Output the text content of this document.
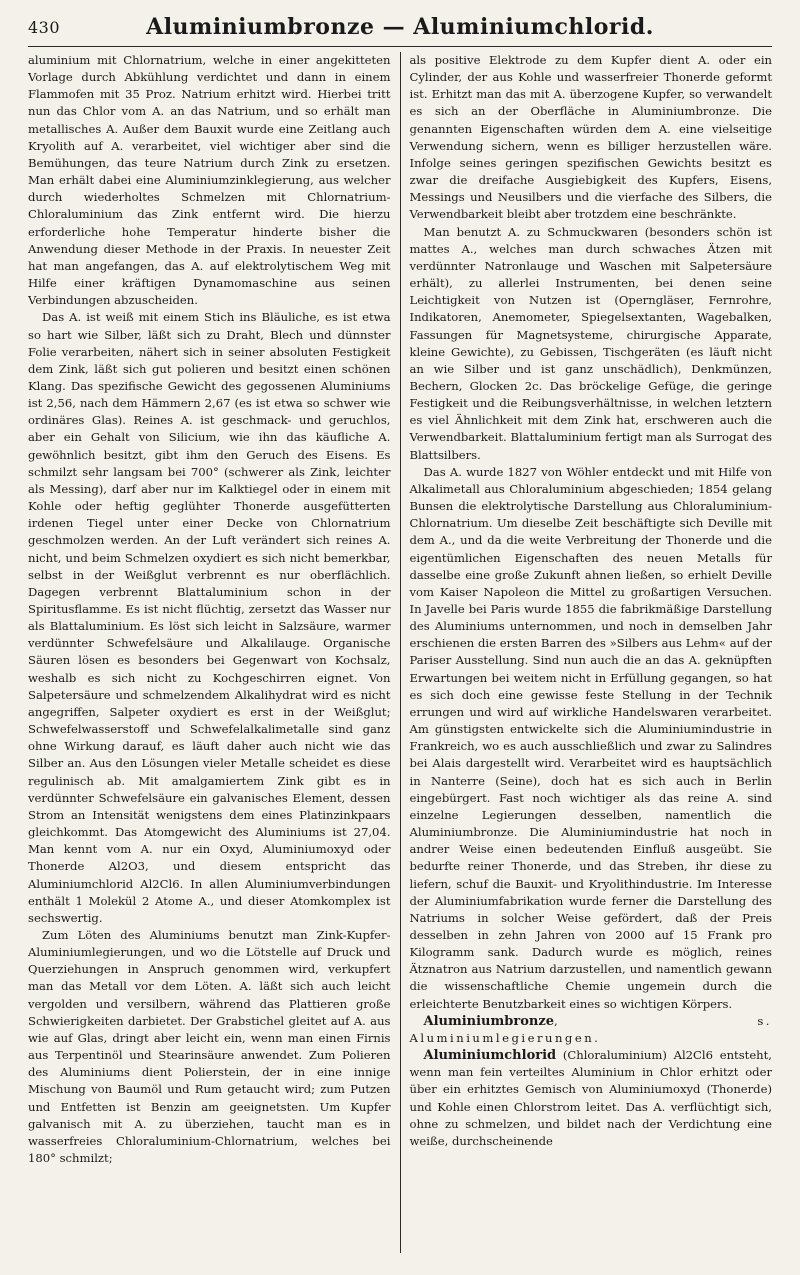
430	Aluminiumbronze — Aluminiumchlorid.

aluminium mit Chlornatrium, welche in einer angekitteten Vorlage durch Abkühlung verdichtet und dann in einem Flammofen mit 35 Proz. Natrium erhitzt wird. Hierbei tritt nun das Chlor vom A. an das Natrium, und so erhält man metallisches A. Außer dem Bauxit wurde eine Zeitlang auch Kryolith auf A. verarbeitet, viel wichtiger aber sind die Bemühungen, das teure Natrium durch Zink zu ersetzen. Man erhält dabei eine Aluminiumzinklegierung, aus welcher durch wiederholtes Schmelzen mit Chlornatrium-Chloraluminium das Zink entfernt wird. Die hierzu erforderliche hohe Temperatur hinderte bisher die Anwendung dieser Methode in der Praxis. In neuester Zeit hat man angefangen, das A. auf elektrolytischem Weg mit Hilfe einer kräftigen Dynamomaschine aus seinen Verbindungen abzuscheiden.

Das A. ist weiß mit einem Stich ins Bläuliche, es ist etwa so hart wie Silber, läßt sich zu Draht, Blech und dünnster Folie verarbeiten, nähert sich in seiner absoluten Festigkeit dem Zink, läßt sich gut polieren und besitzt einen schönen Klang. Das spezifische Gewicht des gegossenen Aluminiums ist 2,56, nach dem Hämmern 2,67 (es ist etwa so schwer wie ordinäres Glas). Reines A. ist geschmack- und geruchlos, aber ein Gehalt von Silicium, wie ihn das käufliche A. gewöhnlich besitzt, gibt ihm den Geruch des Eisens. Es schmilzt sehr langsam bei 700° (schwerer als Zink, leichter als Messing), darf aber nur im Kalktiegel oder in einem mit Kohle oder heftig geglühter Thonerde ausgefütterten irdenen Tiegel unter einer Decke von Chlornatrium geschmolzen werden. An der Luft verändert sich reines A. nicht, und beim Schmelzen oxydiert es sich nicht bemerkbar, selbst in der Weißglut verbrennt es nur oberflächlich. Dagegen verbrennt Blattaluminium schon in der Spiritusflamme. Es ist nicht flüchtig, zersetzt das Wasser nur als Blattaluminium. Es löst sich leicht in Salzsäure, warmer verdünnter Schwefelsäure und Alkalilauge. Organische Säuren lösen es besonders bei Gegenwart von Kochsalz, weshalb es sich nicht zu Kochgeschirren eignet. Von Salpetersäure und schmelzendem Alkalihydrat wird es nicht angegriffen, Salpeter oxydiert es erst in der Weißglut; Schwefelwasserstoff und Schwefelalkalimetalle sind ganz ohne Wirkung darauf, es läuft daher auch nicht wie das Silber an. Aus den Lösungen vieler Metalle scheidet es diese regulinisch ab. Mit amalgamiertem Zink gibt es in verdünnter Schwefelsäure ein galvanisches Element, dessen Strom an Intensität wenigstens dem eines Platinzinkpaars gleichkommt. Das Atomgewicht des Aluminiums ist 27,04. Man kennt vom A. nur ein Oxyd, Aluminiumoxyd oder Thonerde Al2O3, und diesem entspricht das Aluminiumchlorid Al2Cl6. In allen Aluminiumverbindungen enthält 1 Molekül 2 Atome A., und dieser Atomkomplex ist sechswertig.

Zum Löten des Aluminiums benutzt man Zink-Kupfer-Aluminiumlegierungen, und wo die Lötstelle auf Druck und Querziehungen in Anspruch genommen wird, verkupfert man das Metall vor dem Löten. A. läßt sich auch leicht vergolden und versilbern, während das Plattieren große Schwierigkeiten darbietet. Der Grabstichel gleitet auf A. aus wie auf Glas, dringt aber leicht ein, wenn man einen Firnis aus Terpentinöl und Stearinsäure anwendet. Zum Polieren des Aluminiums dient Polierstein, der in eine innige Mischung von Baumöl und Rum getaucht wird; zum Putzen und Entfetten ist Benzin am geeignetsten. Um Kupfer galvanisch mit A. zu überziehen, taucht man es in wasserfreies Chloraluminium-Chlornatrium, welches bei 180° schmilzt;

als positive Elektrode zu dem Kupfer dient A. oder ein Cylinder, der aus Kohle und wasserfreier Thonerde geformt ist. Erhitzt man das mit A. überzogene Kupfer, so verwandelt es sich an der Oberfläche in Aluminiumbronze. Die genannten Eigenschaften würden dem A. eine vielseitige Verwendung sichern, wenn es billiger herzustellen wäre. Infolge seines geringen spezifischen Gewichts besitzt es zwar die dreifache Ausgiebigkeit des Kupfers, Eisens, Messings und Neusilbers und die vierfache des Silbers, die Verwendbarkeit bleibt aber trotzdem eine beschränkte.

Man benutzt A. zu Schmuckwaren (besonders schön ist mattes A., welches man durch schwaches Ätzen mit verdünnter Natronlauge und Waschen mit Salpetersäure erhält), zu allerlei Instrumenten, bei denen seine Leichtigkeit von Nutzen ist (Operngläser, Fernrohre, Indikatoren, Anemometer, Spiegelsextanten, Wagebalken, Fassungen für Magnetsysteme, chirurgische Apparate, kleine Gewichte), zu Gebissen, Tischgeräten (es läuft nicht an wie Silber und ist ganz unschädlich), Denkmünzen, Bechern, Glocken 2c. Das bröckelige Gefüge, die geringe Festigkeit und die Reibungsverhältnisse, in welchen letztern es viel Ähnlichkeit mit dem Zink hat, erschweren auch die Verwendbarkeit. Blattaluminium fertigt man als Surrogat des Blattsilbers.

Das A. wurde 1827 von Wöhler entdeckt und mit Hilfe von Alkalimetall aus Chloraluminium abgeschieden; 1854 gelang Bunsen die elektrolytische Darstellung aus Chloraluminium-Chlornatrium. Um dieselbe Zeit beschäftigte sich Deville mit dem A., und da die weite Verbreitung der Thonerde und die eigentümlichen Eigenschaften des neuen Metalls für dasselbe eine große Zukunft ahnen ließen, so erhielt Deville vom Kaiser Napoleon die Mittel zu großartigen Versuchen. In Javelle bei Paris wurde 1855 die fabrikmäßige Darstellung des Aluminiums unternommen, und noch in demselben Jahr erschienen die ersten Barren des »Silbers aus Lehm« auf der Pariser Ausstellung. Sind nun auch die an das A. geknüpften Erwartungen bei weitem nicht in Erfüllung gegangen, so hat es sich doch eine gewisse feste Stellung in der Technik errungen und wird auf wirkliche Handelswaren verarbeitet. Am günstigsten entwickelte sich die Aluminiumindustrie in Frankreich, wo es auch ausschließlich und zwar zu Salindres bei Alais dargestellt wird. Verarbeitet wird es hauptsächlich in Nanterre (Seine), doch hat es sich auch in Berlin eingebürgert. Fast noch wichtiger als das reine A. sind einzelne Legierungen desselben, namentlich die Aluminiumbronze. Die Aluminiumindustrie hat noch in andrer Weise einen bedeutenden Einfluß ausgeübt. Sie bedurfte reiner Thonerde, und das Streben, ihr diese zu liefern, schuf die Bauxit- und Kryolithindustrie. Im Interesse der Aluminiumfabrikation wurde ferner die Darstellung des Natriums in solcher Weise gefördert, daß der Preis desselben in zehn Jahren von 2000 auf 15 Frank pro Kilogramm sank. Dadurch wurde es möglich, reines Ätznatron aus Natrium darzustellen, und namentlich gewann die wissenschaftliche Chemie ungemein durch die erleichterte Benutzbarkeit eines so wichtigen Körpers.

Aluminiumbronze, s. Aluminiumlegierungen.

Aluminiumchlorid (Chloraluminium) Al2Cl6 entsteht, wenn man fein verteiltes Aluminium in Chlor erhitzt oder über ein erhitztes Gemisch von Aluminiumoxyd (Thonerde) und Kohle einen Chlorstrom leitet. Das A. verflüchtigt sich, ohne zu schmelzen, und bildet nach der Verdichtung eine weiße, durchscheinende
